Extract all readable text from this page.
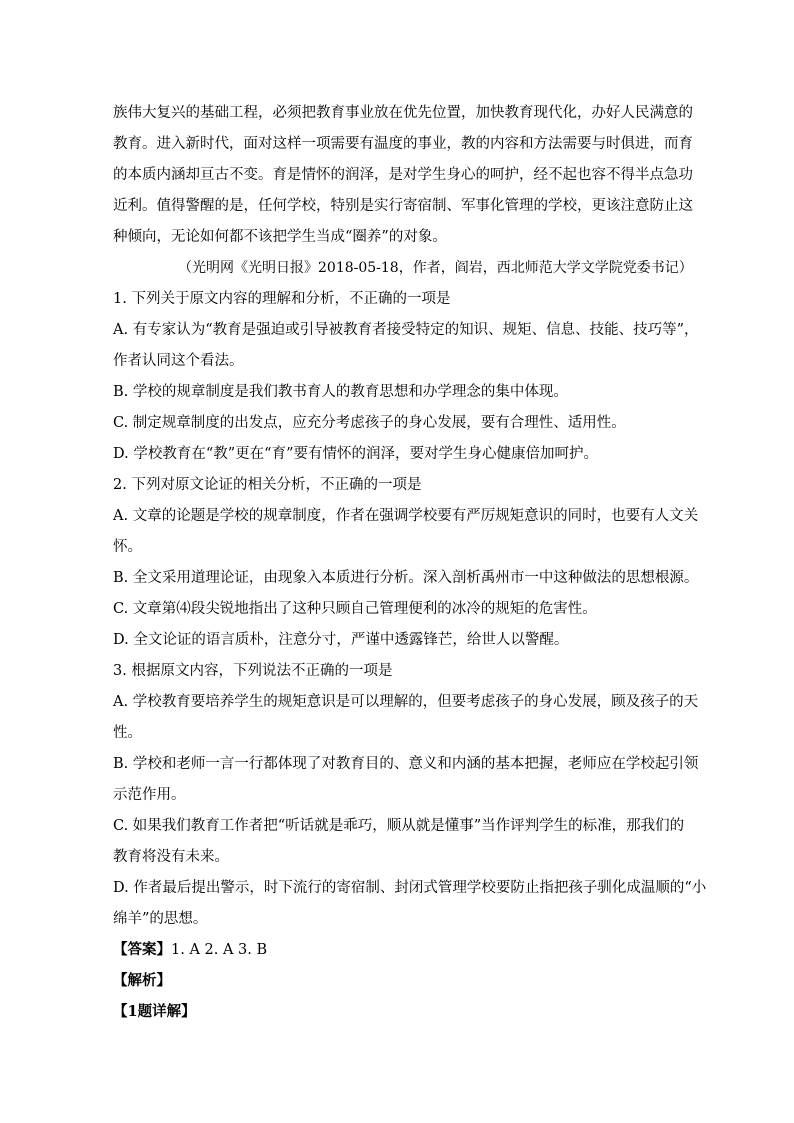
族伟大复兴的基础工程，必须把教育事业放在优先位置，加快教育现代化，办好人民满意的
教育。进入新时代，面对这样一项需要有温度的事业，教的内容和方法需要与时俱进，而育
的本质内涵却亘古不变。育是情怀的润泽，是对学生身心的呵护，经不起也容不得半点急功
近利。值得警醒的是，任何学校，特别是实行寄宿制、军事化管理的学校，更该注意防止这
种倾向，无论如何都不该把学生当成“圈养”的对象。
（光明网《光明日报》2018-05-18，作者，阎岩，西北师范大学文学院党委书记）
1. 下列关于原文内容的理解和分析，不正确的一项是
A. 有专家认为“教育是强迫或引导被教育者接受特定的知识、规矩、信息、技能、技巧等”，
作者认同这个看法。
B. 学校的规章制度是我们教书育人的教育思想和办学理念的集中体现。
C. 制定规章制度的出发点，应充分考虑孩子的身心发展，要有合理性、适用性。
D. 学校教育在“教”更在“育”要有情怀的润泽，要对学生身心健康倍加呵护。
2. 下列对原文论证的相关分析，不正确的一项是
A. 文章的论题是学校的规章制度，作者在强调学校要有严厉规矩意识的同时，也要有人文关
怀。
B. 全文采用道理论证，由现象入本质进行分析。深入剖析禹州市一中这种做法的思想根源。
C. 文章第⑷段尖锐地指出了这种只顾自己管理便利的冰冷的规矩的危害性。
D. 全文论证的语言质朴，注意分寸，严谨中透露锋芒，给世人以警醒。
3. 根据原文内容，下列说法不正确的一项是
A. 学校教育要培养学生的规矩意识是可以理解的，但要考虑孩子的身心发展，顾及孩子的天
性。
B. 学校和老师一言一行都体现了对教育目的、意义和内涵的基本把握，老师应在学校起引领
示范作用。
C. 如果我们教育工作者把“听话就是乖巧，顺从就是懂事”当作评判学生的标准，那我们的
教育将没有未来。
D. 作者最后提出警示，时下流行的寄宿制、封闭式管理学校要防止指把孩子驯化成温顺的“小
绵羊”的思想。
【答案】1. A 2. A 3. B
【解析】
【1题详解】
